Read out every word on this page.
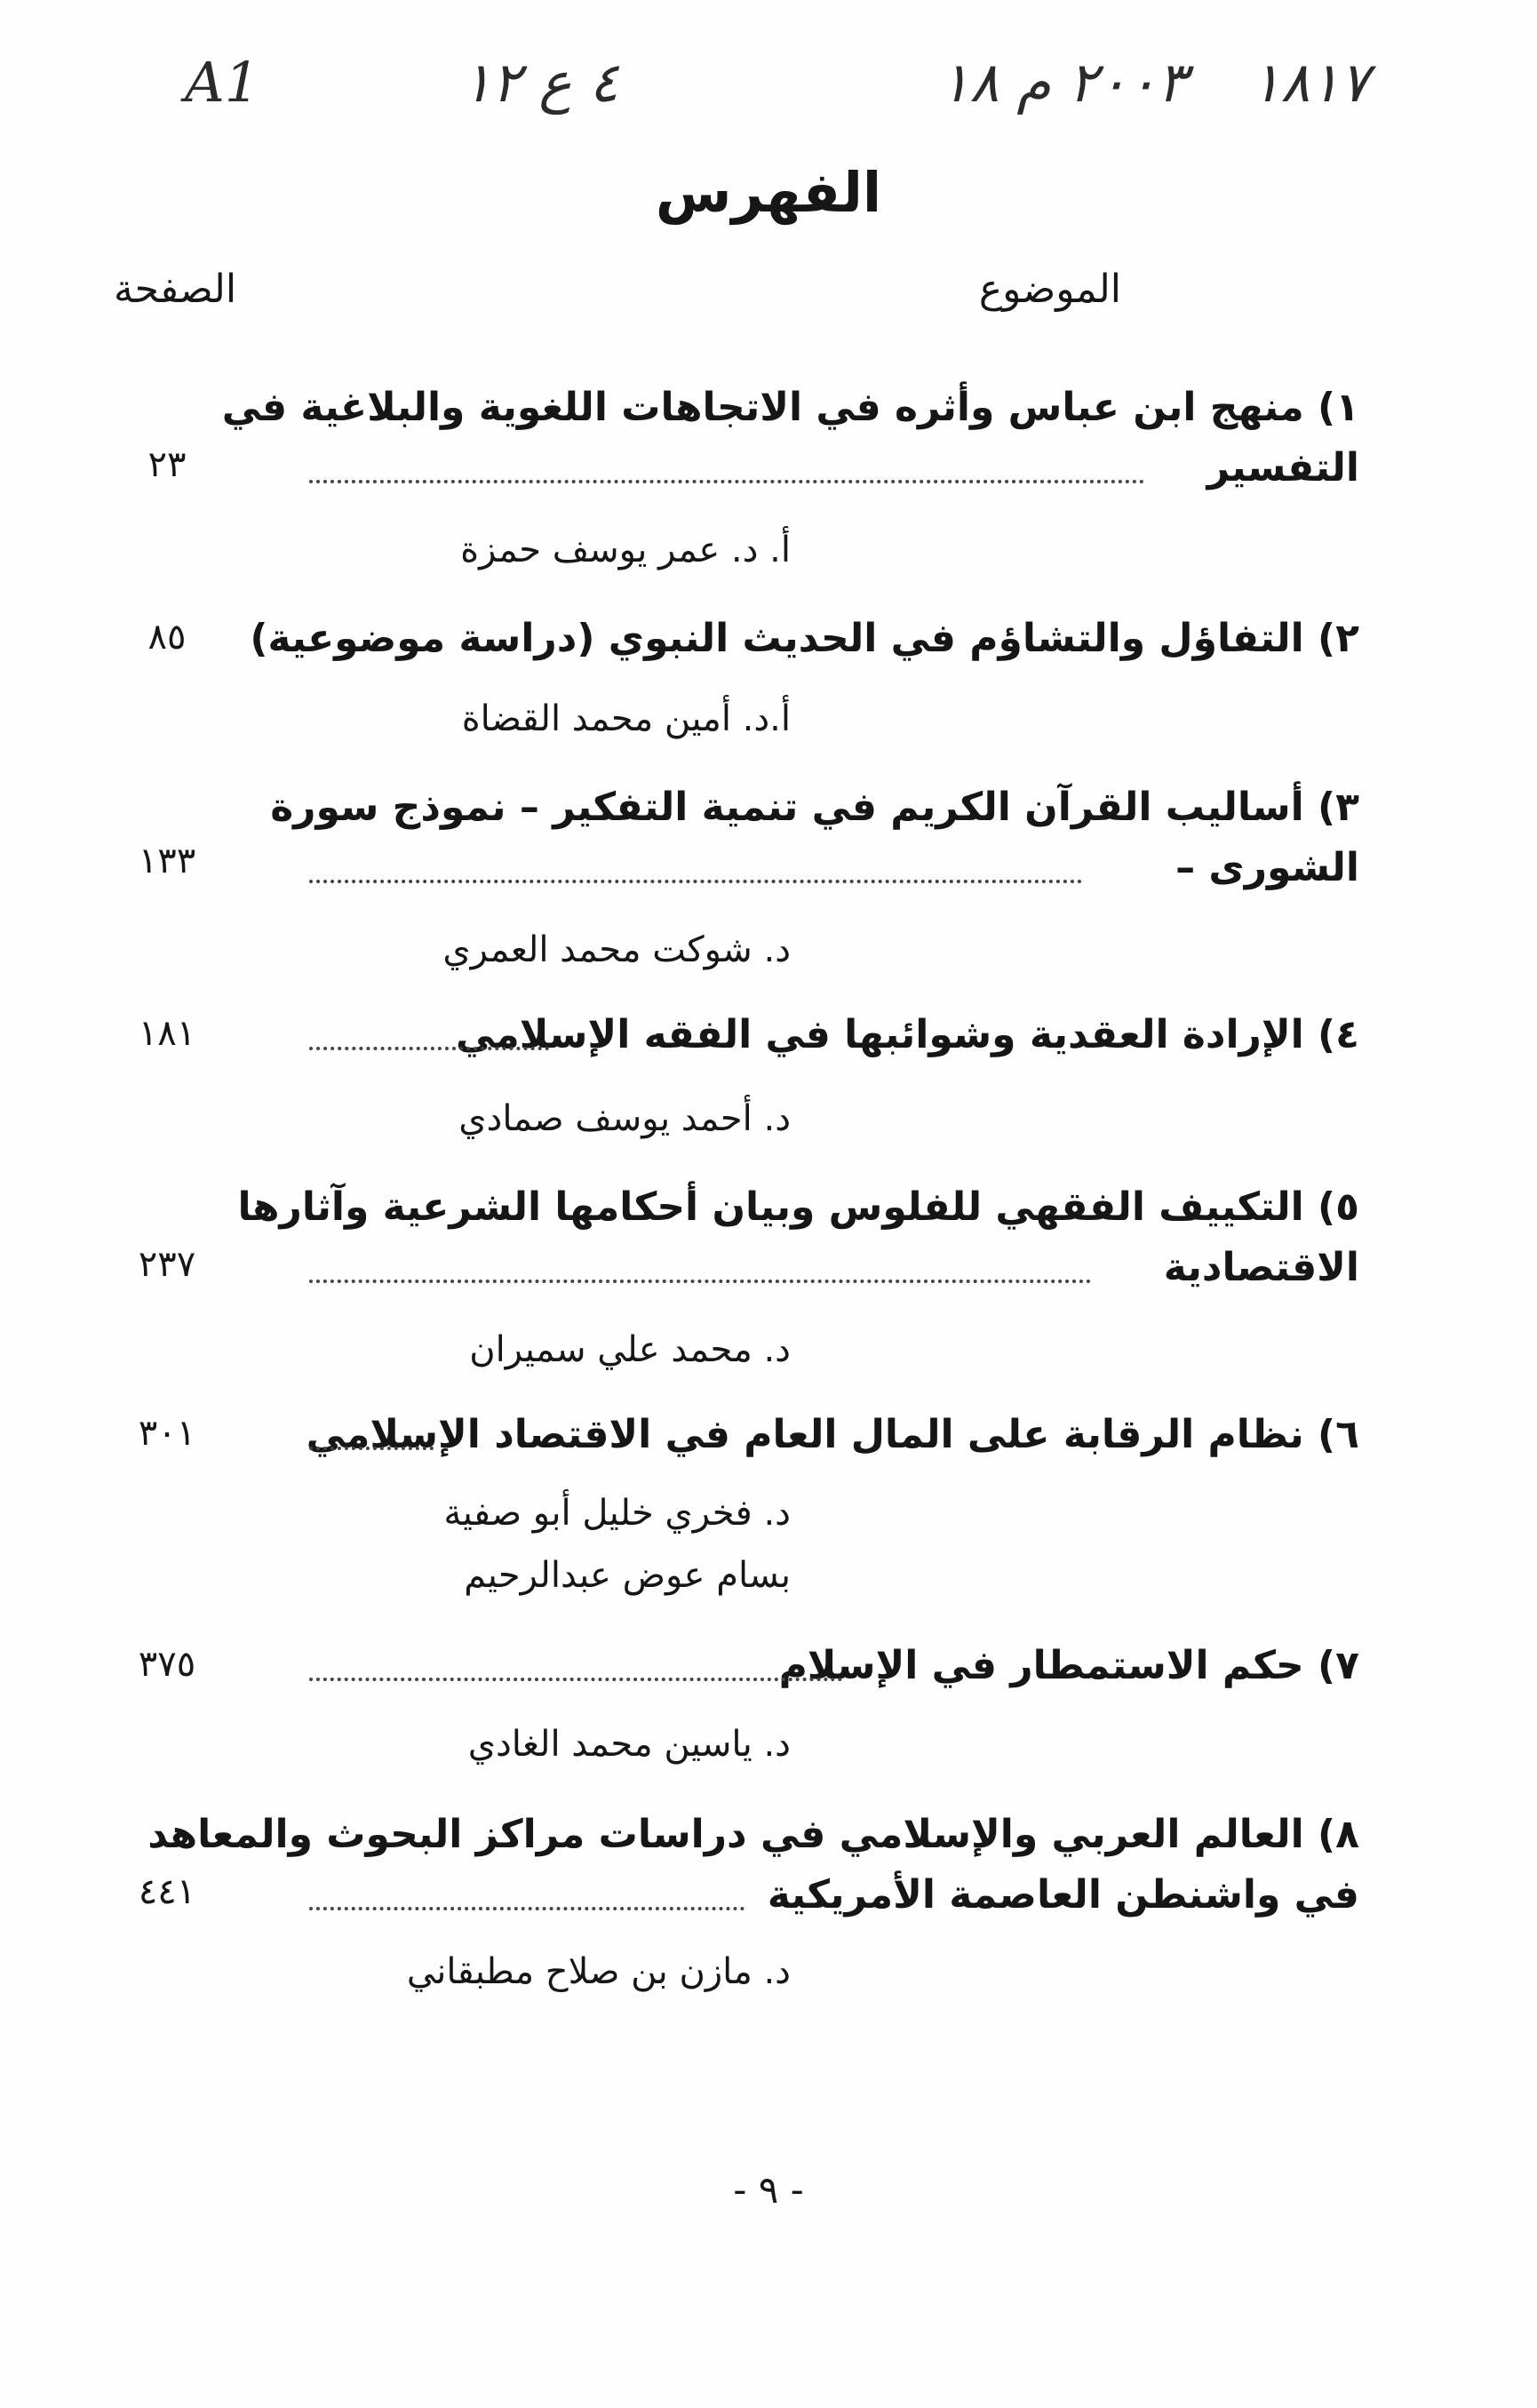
A1	٤ ع ١٢	٢٠٠٣ م ١٨ ١٨١٧
الفهرس
الموضوع
الصفحة
١) منهج ابن عباس وأثره في الاتجاهات اللغوية والبلاغية في
التفسير
٢٣
أ. د. عمر يوسف حمزة
٢) التفاؤل والتشاؤم في الحديث النبوي (دراسة موضوعية)
٨٥
أ.د. أمين محمد القضاة
٣) أساليب القرآن الكريم في تنمية التفكير – نموذج سورة
الشورى –
١٣٣
د. شوكت محمد العمري
٤) الإرادة العقدية وشوائبها في الفقه الإسلامي
١٨١
د. أحمد يوسف صمادي
٥) التكييف الفقهي للفلوس وبيان أحكامها الشرعية وآثارها
الاقتصادية
٢٣٧
د. محمد علي سميران
٦) نظام الرقابة على المال العام في الاقتصاد الإسلامي
٣٠١
د. فخري خليل أبو صفية
بسام عوض عبدالرحيم
٧) حكم الاستمطار في الإسلام
٣٧٥
د. ياسين محمد الغادي
٨) العالم العربي والإسلامي في دراسات مراكز البحوث والمعاهد
في واشنطن العاصمة الأمريكية
٤٤١
د. مازن بن صلاح مطبقاني
- ٩ -
